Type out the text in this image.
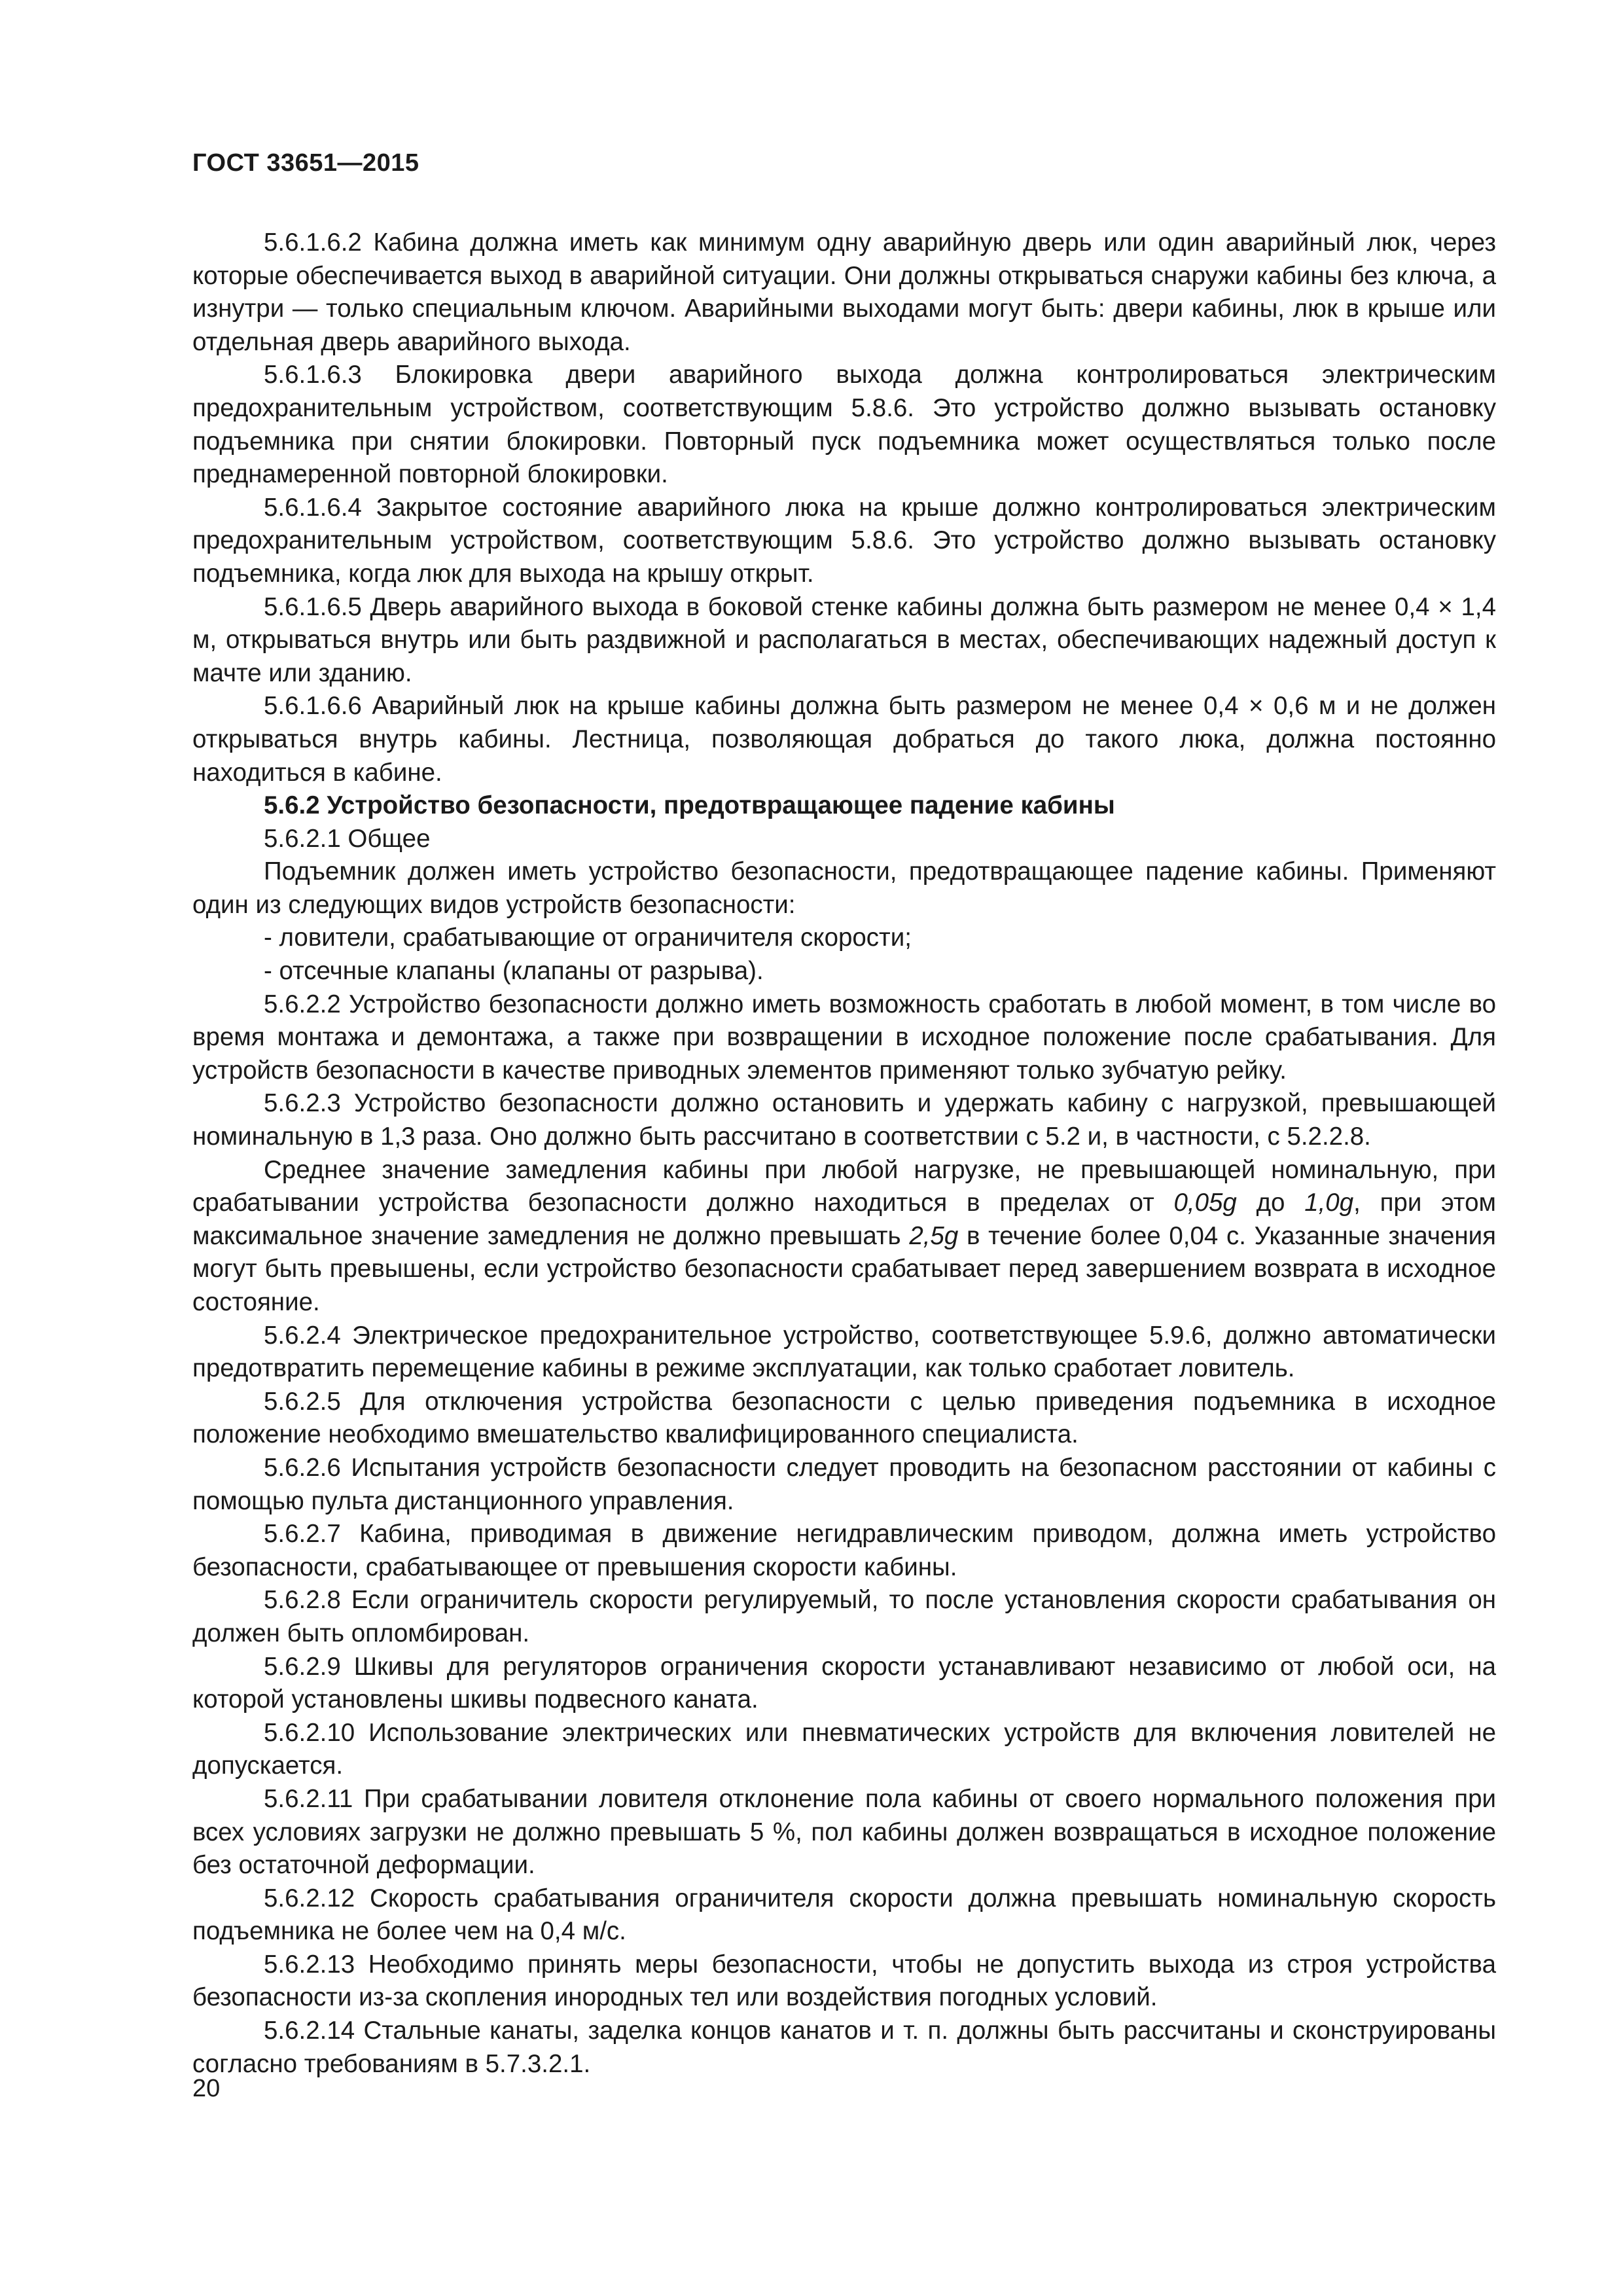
ГОСТ 33651—2015

5.6.1.6.2 Кабина должна иметь как минимум одну аварийную дверь или один аварийный люк, через которые обеспечивается выход в аварийной ситуации. Они должны открываться снаружи кабины без ключа, а изнутри — только специальным ключом. Аварийными выходами могут быть: двери кабины, люк в крыше или отдельная дверь аварийного выхода.

5.6.1.6.3 Блокировка двери аварийного выхода должна контролироваться электрическим предохранительным устройством, соответствующим 5.8.6. Это устройство должно вызывать остановку подъемника при снятии блокировки. Повторный пуск подъемника может осуществляться только после преднамеренной повторной блокировки.

5.6.1.6.4 Закрытое состояние аварийного люка на крыше должно контролироваться электрическим предохранительным устройством, соответствующим 5.8.6. Это устройство должно вызывать остановку подъемника, когда люк для выхода на крышу открыт.

5.6.1.6.5 Дверь аварийного выхода в боковой стенке кабины должна быть размером не менее 0,4 × 1,4 м, открываться внутрь или быть раздвижной и располагаться в местах, обеспечивающих надежный доступ к мачте или зданию.

5.6.1.6.6 Аварийный люк на крыше кабины должна быть размером не менее 0,4 × 0,6 м и не должен открываться внутрь кабины. Лестница, позволяющая добраться до такого люка, должна постоянно находиться в кабине.

5.6.2 Устройство безопасности, предотвращающее падение кабины

5.6.2.1 Общее

Подъемник должен иметь устройство безопасности, предотвращающее падение кабины. Применяют один из следующих видов устройств безопасности:

- ловители, срабатывающие от ограничителя скорости;

- отсечные клапаны (клапаны от разрыва).

5.6.2.2 Устройство безопасности должно иметь возможность сработать в любой момент, в том числе во время монтажа и демонтажа, а также при возвращении в исходное положение после срабатывания. Для устройств безопасности в качестве приводных элементов применяют только зубчатую рейку.

5.6.2.3 Устройство безопасности должно остановить и удержать кабину с нагрузкой, превышающей номинальную в 1,3 раза. Оно должно быть рассчитано в соответствии с 5.2 и, в частности, с 5.2.2.8.

Среднее значение замедления кабины при любой нагрузке, не превышающей номинальную, при срабатывании устройства безопасности должно находиться в пределах от 0,05g до 1,0g, при этом максимальное значение замедления не должно превышать 2,5g в течение более 0,04 с. Указанные значения могут быть превышены, если устройство безопасности срабатывает перед завершением возврата в исходное состояние.

5.6.2.4 Электрическое предохранительное устройство, соответствующее 5.9.6, должно автоматически предотвратить перемещение кабины в режиме эксплуатации, как только сработает ловитель.

5.6.2.5 Для отключения устройства безопасности с целью приведения подъемника в исходное положение необходимо вмешательство квалифицированного специалиста.

5.6.2.6 Испытания устройств безопасности следует проводить на безопасном расстоянии от кабины с помощью пульта дистанционного управления.

5.6.2.7 Кабина, приводимая в движение негидравлическим приводом, должна иметь устройство безопасности, срабатывающее от превышения скорости кабины.

5.6.2.8 Если ограничитель скорости регулируемый, то после установления скорости срабатывания он должен быть опломбирован.

5.6.2.9 Шкивы для регуляторов ограничения скорости устанавливают независимо от любой оси, на которой установлены шкивы подвесного каната.

5.6.2.10 Использование электрических или пневматических устройств для включения ловителей не допускается.

5.6.2.11 При срабатывании ловителя отклонение пола кабины от своего нормального положения при всех условиях загрузки не должно превышать 5 %, пол кабины должен возвращаться в исходное положение без остаточной деформации.

5.6.2.12 Скорость срабатывания ограничителя скорости должна превышать номинальную скорость подъемника не более чем на 0,4 м/с.

5.6.2.13 Необходимо принять меры безопасности, чтобы не допустить выхода из строя устройства безопасности из-за скопления инородных тел или воздействия погодных условий.

5.6.2.14 Стальные канаты, заделка концов канатов и т. п. должны быть рассчитаны и сконструированы согласно требованиям в 5.7.3.2.1.

20
